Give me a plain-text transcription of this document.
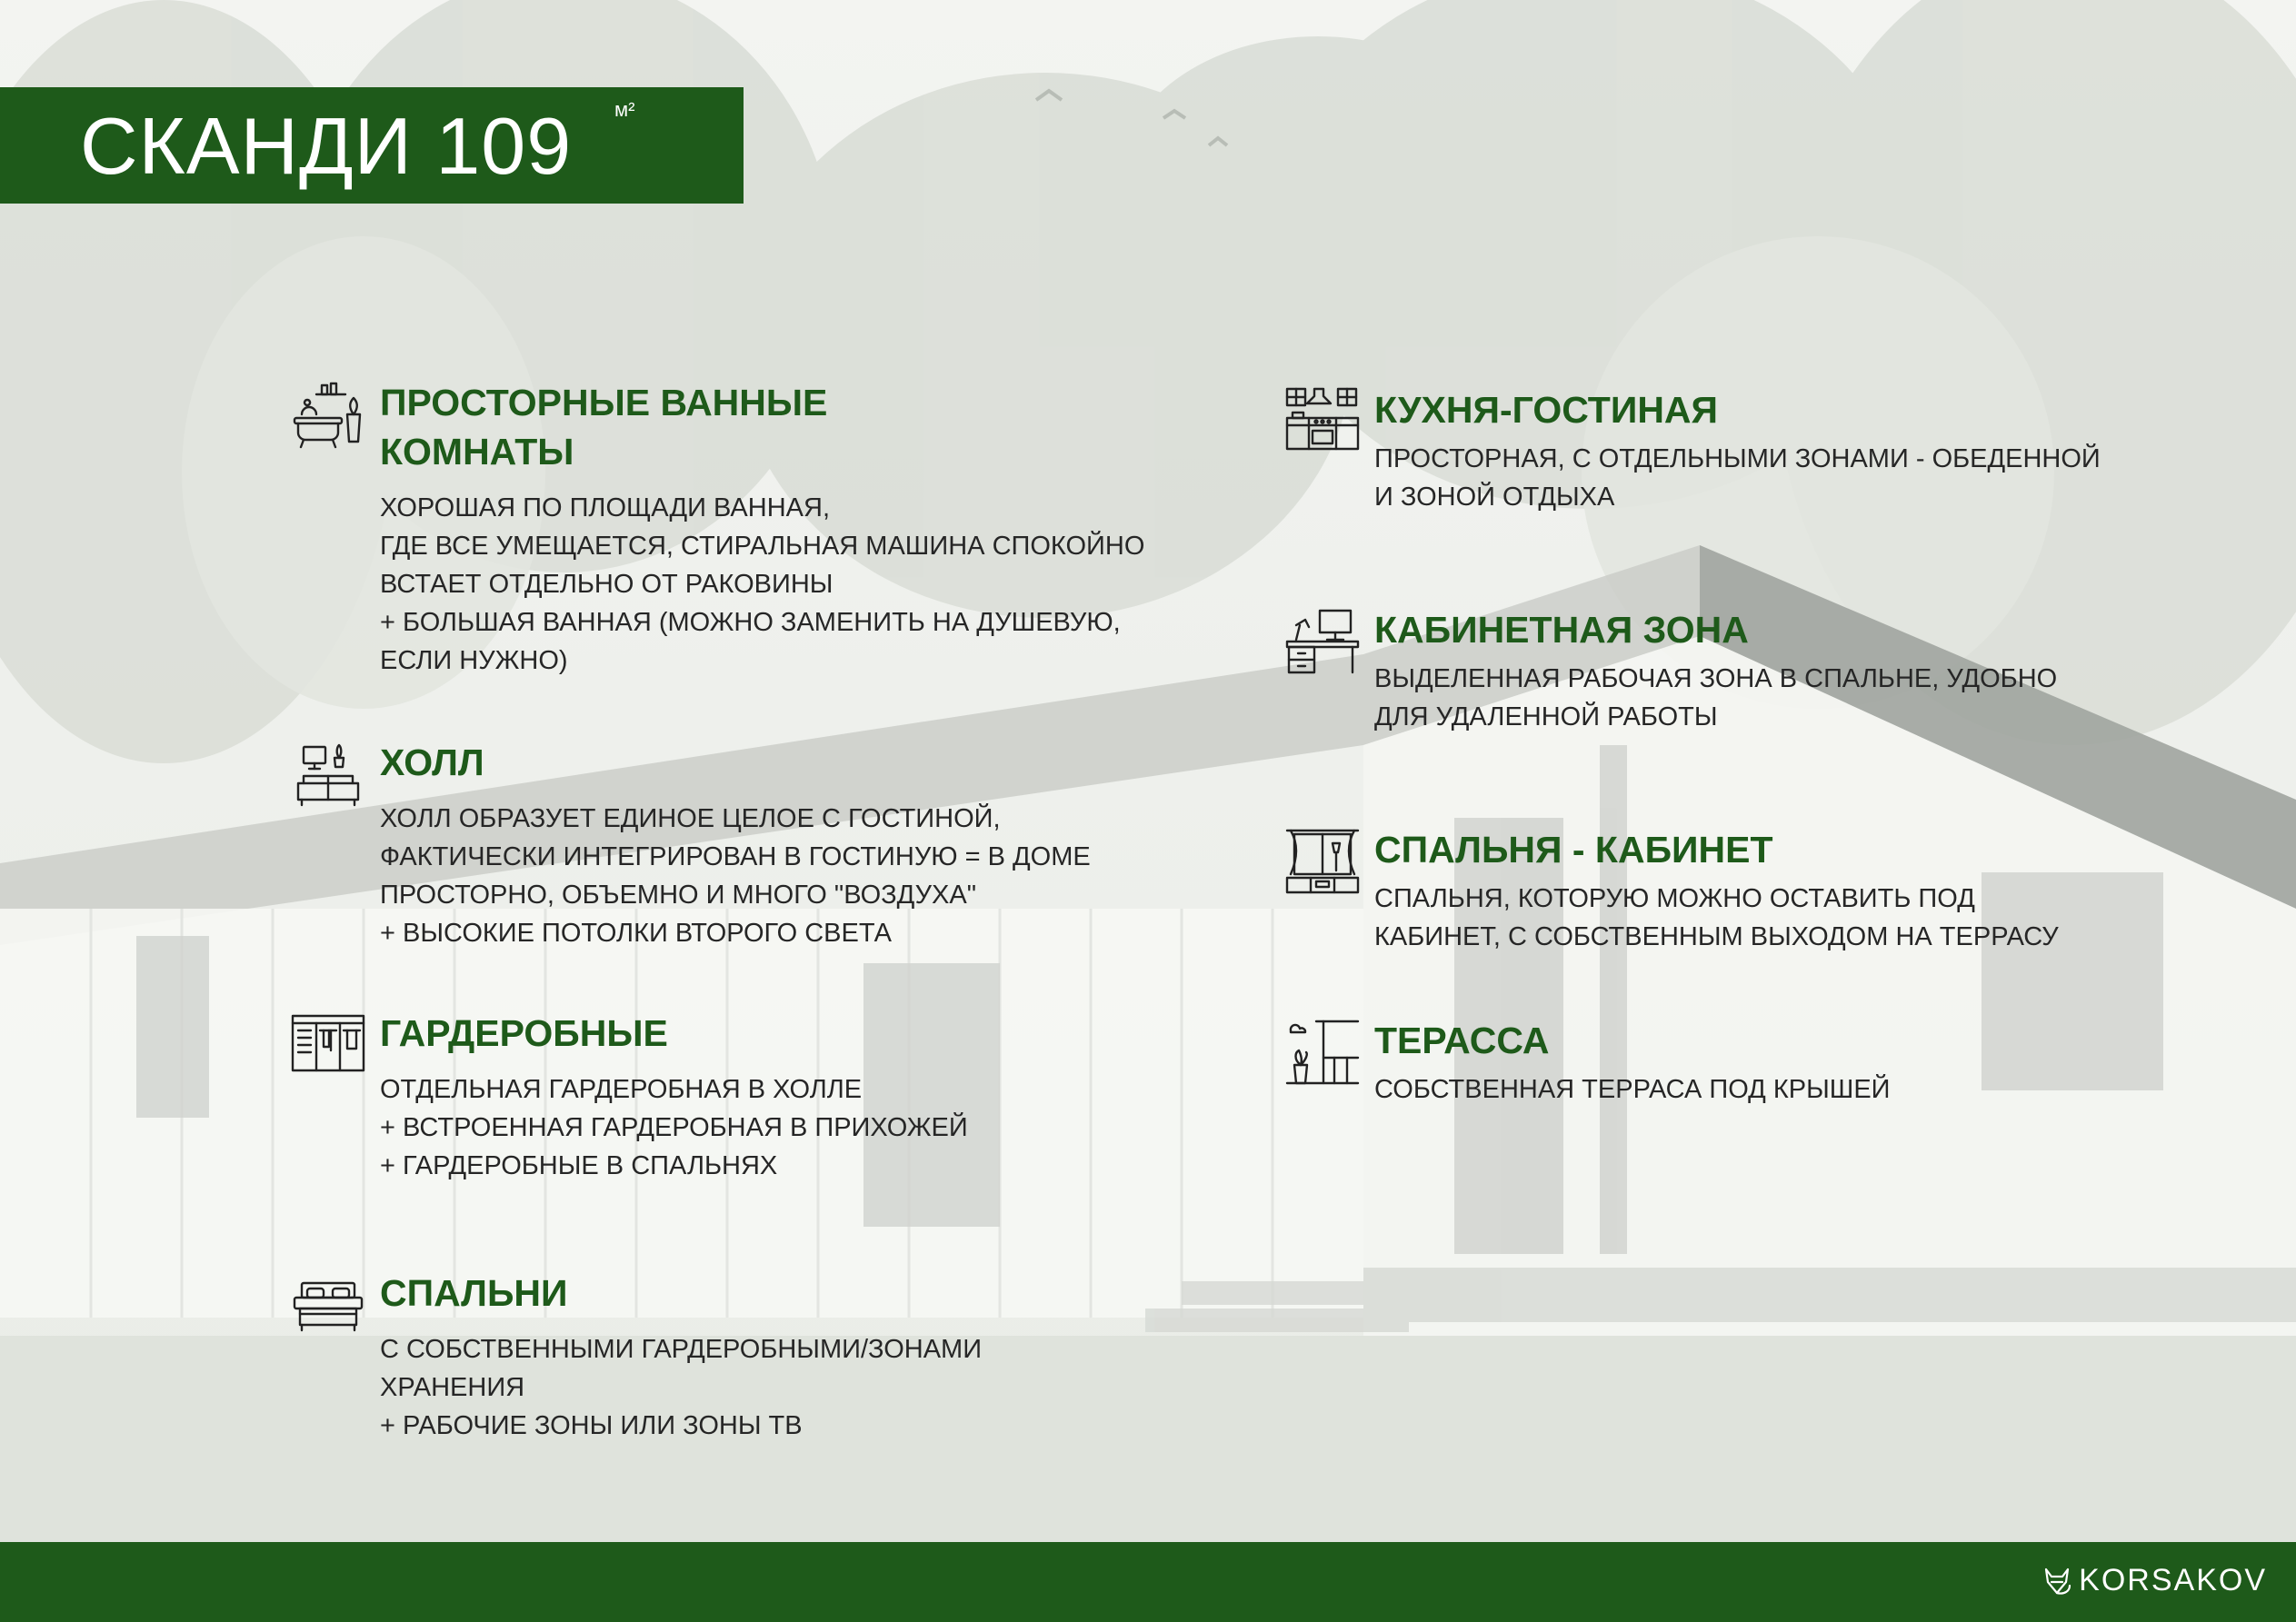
СКАНДИ 109 м²
ПРОСТОРНЫЕ ВАННЫЕ
КОМНАТЫ
ХОРОШАЯ ПО ПЛОЩАДИ ВАННАЯ,
ГДЕ ВСЕ УМЕЩАЕТСЯ, СТИРАЛЬНАЯ МАШИНА СПОКОЙНО
ВСТАЕТ ОТДЕЛЬНО ОТ РАКОВИНЫ
+ БОЛЬШАЯ ВАННАЯ (МОЖНО ЗАМЕНИТЬ НА ДУШЕВУЮ,
ЕСЛИ НУЖНО)
ХОЛЛ
ХОЛЛ ОБРАЗУЕТ ЕДИНОЕ ЦЕЛОЕ С ГОСТИНОЙ,
ФАКТИЧЕСКИ ИНТЕГРИРОВАН В ГОСТИНУЮ = В ДОМЕ
ПРОСТОРНО, ОБЪЕМНО И МНОГО "ВОЗДУХА"
+ ВЫСОКИЕ ПОТОЛКИ ВТОРОГО СВЕТА
ГАРДЕРОБНЫЕ
ОТДЕЛЬНАЯ ГАРДЕРОБНАЯ В ХОЛЛЕ
+ ВСТРОЕННАЯ ГАРДЕРОБНАЯ В ПРИХОЖЕЙ
+ ГАРДЕРОБНЫЕ В СПАЛЬНЯХ
СПАЛЬНИ
С СОБСТВЕННЫМИ ГАРДЕРОБНЫМИ/ЗОНАМИ
ХРАНЕНИЯ
+ РАБОЧИЕ ЗОНЫ ИЛИ ЗОНЫ ТВ
КУХНЯ-ГОСТИНАЯ
ПРОСТОРНАЯ, С ОТДЕЛЬНЫМИ ЗОНАМИ - ОБЕДЕННОЙ
И ЗОНОЙ ОТДЫХА
КАБИНЕТНАЯ ЗОНА
ВЫДЕЛЕННАЯ РАБОЧАЯ ЗОНА В СПАЛЬНЕ, УДОБНО
ДЛЯ УДАЛЕННОЙ РАБОТЫ
СПАЛЬНЯ - КАБИНЕТ
СПАЛЬНЯ, КОТОРУЮ МОЖНО ОСТАВИТЬ ПОД
КАБИНЕТ, С СОБСТВЕННЫМ ВЫХОДОМ НА ТЕРРАСУ
ТЕРАССА
СОБСТВЕННАЯ ТЕРРАСА ПОД КРЫШЕЙ
KORSAKOV
